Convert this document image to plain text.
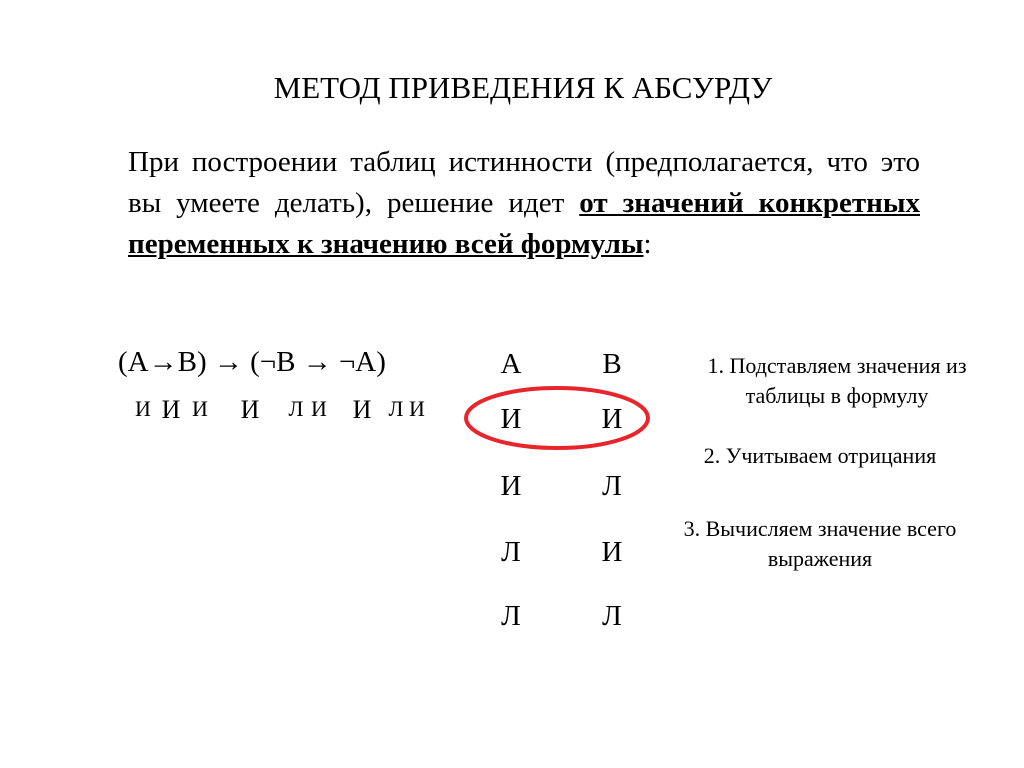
МЕТОД ПРИВЕДЕНИЯ К АБСУРДУ
При построении таблиц истинности (предполагается, что это вы умеете делать), решение идет от значений конкретных переменных к значению всей формулы:
(A→B) → (¬B → ¬A)
И И И И Л И И Л И
A	B
И	И
И	Л
Л	И
Л	Л
1. Подставляем значения из таблицы в формулу
2. Учитываем отрицания
3. Вычисляем значение всего выражения
